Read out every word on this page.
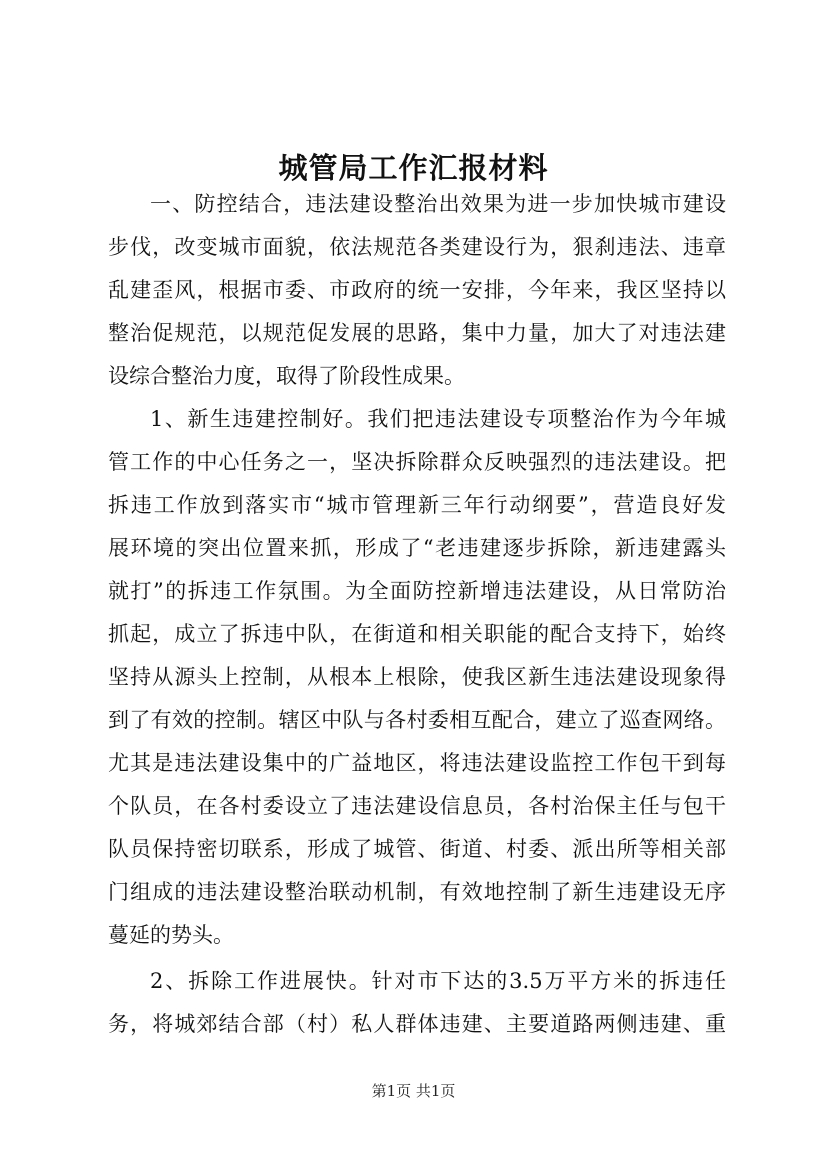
城管局工作汇报材料
一、防控结合，违法建设整治出效果为进一步加快城市建设
步伐，改变城市面貌，依法规范各类建设行为，狠刹违法、违章
乱建歪风，根据市委、市政府的统一安排，今年来，我区坚持以
整治促规范，以规范促发展的思路，集中力量，加大了对违法建
设综合整治力度，取得了阶段性成果。
1、新生违建控制好。我们把违法建设专项整治作为今年城
管工作的中心任务之一，坚决拆除群众反映强烈的违法建设。把
拆违工作放到落实市“城市管理新三年行动纲要”，营造良好发
展环境的突出位置来抓，形成了“老违建逐步拆除，新违建露头
就打”的拆违工作氛围。为全面防控新增违法建设，从日常防治
抓起，成立了拆违中队，在街道和相关职能的配合支持下，始终
坚持从源头上控制，从根本上根除，使我区新生违法建设现象得
到了有效的控制。辖区中队与各村委相互配合，建立了巡查网络。
尤其是违法建设集中的广益地区，将违法建设监控工作包干到每
个队员，在各村委设立了违法建设信息员，各村治保主任与包干
队员保持密切联系，形成了城管、街道、村委、派出所等相关部
门组成的违法建设整治联动机制，有效地控制了新生违建设无序
蔓延的势头。
2、拆除工作进展快。针对市下达的3.5万平方米的拆违任
务，将城郊结合部（村）私人群体违建、主要道路两侧违建、重
第1页 共1页
